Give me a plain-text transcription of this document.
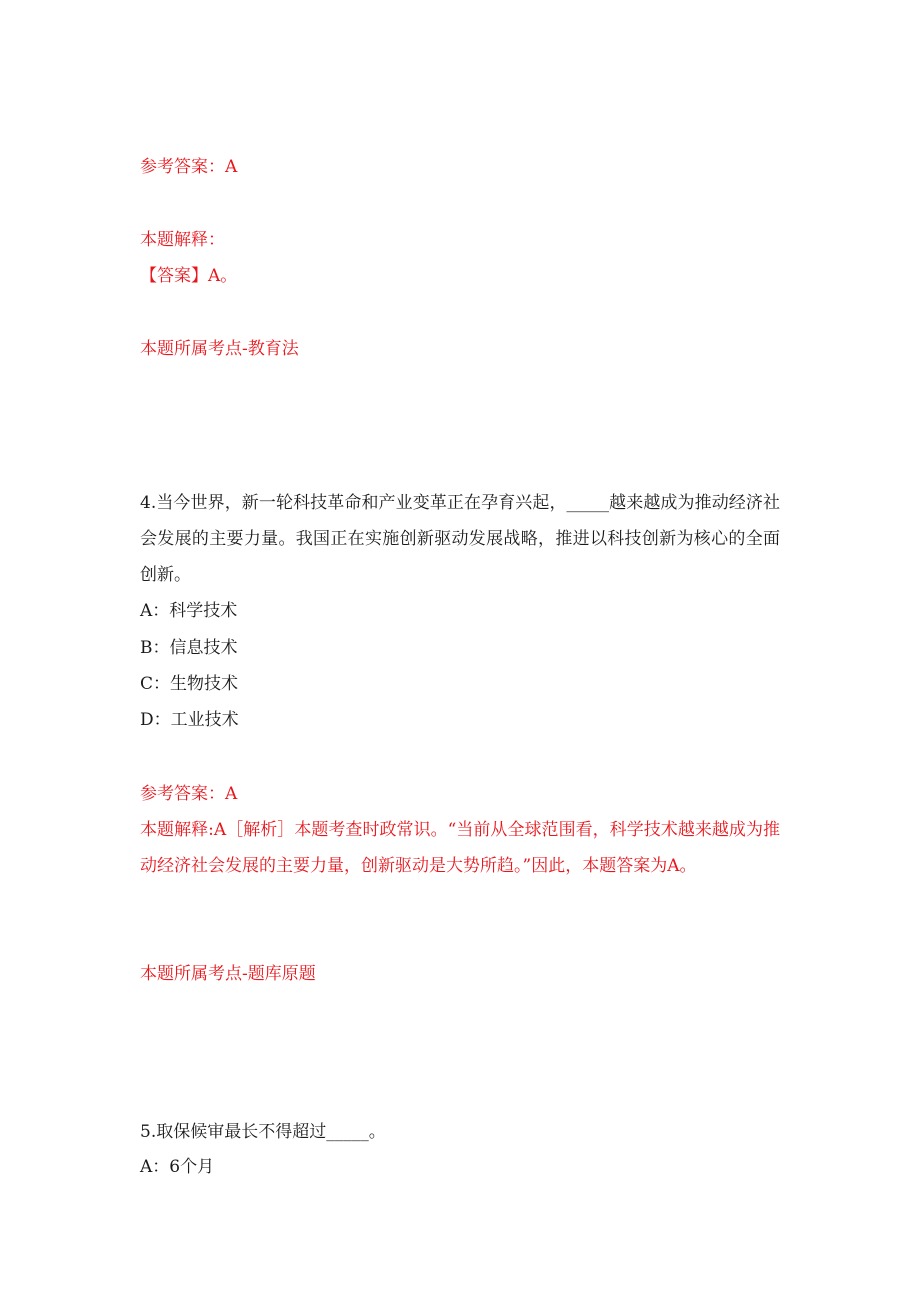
参考答案：A
本题解释：
【答案】A。
本题所属考点-教育法
4.当今世界，新一轮科技革命和产业变革正在孕育兴起，_____越来越成为推动经济社会发展的主要力量。我国正在实施创新驱动发展战略，推进以科技创新为核心的全面创新。
A：科学技术
B：信息技术
C：生物技术
D：工业技术
参考答案：A
本题解释:A［解析］本题考查时政常识。“当前从全球范围看，科学技术越来越成为推动经济社会发展的主要力量，创新驱动是大势所趋。”因此，本题答案为A。
本题所属考点-题库原题
5.取保候审最长不得超过_____。
A：6个月
